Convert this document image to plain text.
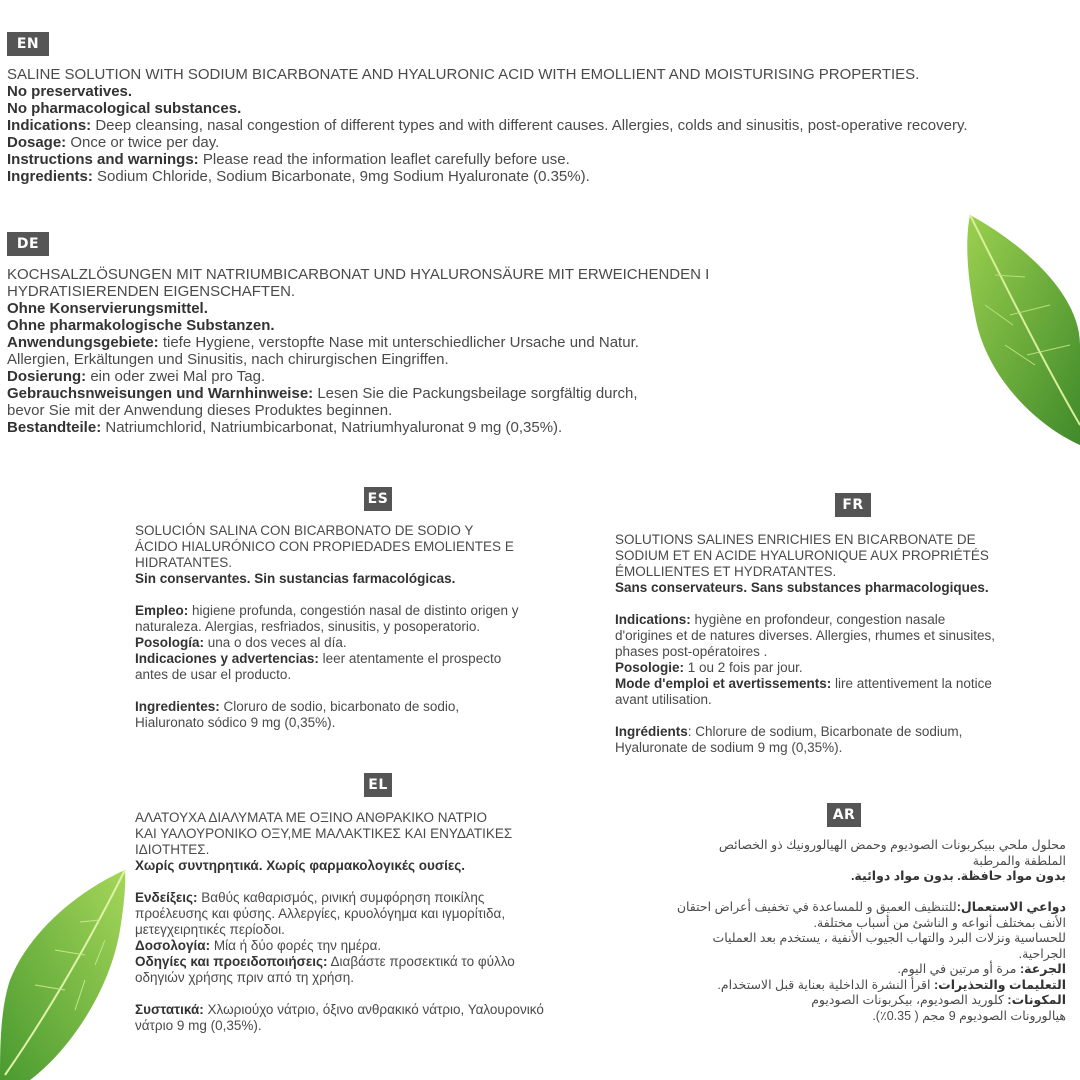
EN
SALINE SOLUTION WITH SODIUM BICARBONATE AND HYALURONIC ACID WITH EMOLLIENT AND MOISTURISING PROPERTIES.
No preservatives.
No pharmacological substances.
Indications: Deep cleansing, nasal congestion of different types and with different causes. Allergies, colds and sinusitis, post-operative recovery.
Dosage: Once or twice per day.
Instructions and warnings: Please read the information leaflet carefully before use.
Ingredients: Sodium Chloride, Sodium Bicarbonate, 9mg Sodium Hyaluronate (0.35%).
DE
KOCHSALZLÖSUNGEN MIT NATRIUMBICARBONAT UND HYALURONSÄURE MIT ERWEICHENDEN I
HYDRATISIERENDEN EIGENSCHAFTEN.
Ohne Konservierungsmittel.
Ohne pharmakologische Substanzen.
Anwendungsgebiete: tiefe Hygiene, verstopfte Nase mit unterschiedlicher Ursache und Natur.
Allergien, Erkältungen und Sinusitis, nach chirurgischen Eingriffen.
Dosierung: ein oder zwei Mal pro Tag.
Gebrauchsnweisungen und Warnhinweise: Lesen Sie die Packungsbeilage sorgfältig durch,
bevor Sie mit der Anwendung dieses Produktes beginnen.
Bestandteile: Natriumchlorid, Natriumbicarbonat, Natriumhyaluronat 9 mg (0,35%).
ES
SOLUCIÓN SALINA CON BICARBONATO DE SODIO Y
ÁCIDO HIALURÓNICO CON PROPIEDADES EMOLIENTES E
HIDRATANTES.
Sin conservantes. Sin sustancias farmacológicas.
Empleo: higiene profunda, congestión nasal de distinto origen y
naturaleza. Alergias, resfriados, sinusitis, y posoperatorio.
Posología: una o dos veces al día.
Indicaciones y advertencias: leer atentamente el prospecto
antes de usar el producto.
Ingredientes: Cloruro de sodio, bicarbonato de sodio,
Hialuronato sódico 9 mg (0,35%).
EL
ΑΛΑΤΟΥΧΑ ΔΙΑΛΥΜΑΤΑ ΜΕ ΟΞΙΝΟ ΑΝΘΡΑΚΙΚΟ ΝΑΤΡΙΟ
ΚΑΙ ΥΑΛΟΥΡΟΝΙΚΟ ΟΞΥ,ΜΕ ΜΑΛΑΚΤΙΚΕΣ ΚΑΙ ΕΝΥΔΑΤΙΚΕΣ
ΙΔΙΟΤΗΤΕΣ.
Χωρίς συντηρητικά. Χωρίς φαρμακολογικές ουσίες.
Ενδείξεις: Βαθύς καθαρισμός, ρινική συμφόρηση ποικίλης
προέλευσης και φύσης. Αλλεργίες, κρυολόγημα και ιγμορίτιδα,
μετεγχειρητικές περίοδοι.
Δοσολογία: Μία ή δύο φορές την ημέρα.
Οδηγίες και προειδοποιήσεις: Διαβάστε προσεκτικά το φύλλο
οδηγιών χρήσης πριν από τη χρήση.
Συστατικά: Χλωριούχο νάτριο, όξινο ανθρακικό νάτριο, Υαλουρονικό
νάτριο 9 mg (0,35%).
FR
SOLUTIONS SALINES ENRICHIES EN BICARBONATE DE
SODIUM ET EN ACIDE HYALURONIQUE AUX PROPRIÉTÉS
ÉMOLLIENTES ET HYDRATANTES.
Sans conservateurs. Sans substances pharmacologiques.
Indications: hygiène en profondeur, congestion nasale
d'origines et de natures diverses. Allergies, rhumes et sinusites,
phases post-opératoires .
Posologie: 1 ou 2 fois par jour.
Mode d'emploi et avertissements: lire attentivement la notice
avant utilisation.
Ingrédients: Chlorure de sodium, Bicarbonate de sodium,
Hyaluronate de sodium 9 mg (0,35%).
AR
محلول ملحي ببيكربونات الصوديوم وحمض الهيالورونيك ذو الخصائص
الملطفة والمرطبة
بدون مواد حافظة. بدون مواد دوائية.
دواعي الاستعمال:للتنظيف العميق و للمساعدة في تخفيف أعراض احتقان
الأنف بمختلف أنواعه و الناشئ من أسباب مختلفة.
للحساسية ونزلات البرد والتهاب الجيوب الأنفية ، يستخدم بعد العمليات
الجراحية.
الجرعة: مرة أو مرتين في اليوم.
التعليمات والتحذيرات: اقرأ النشرة الداخلية بعناية قبل الاستخدام.
المكونات: كلوريد الصوديوم، بيكربونات الصوديوم
هيالورونات الصوديوم 9 مجم ( 0.35٪).
